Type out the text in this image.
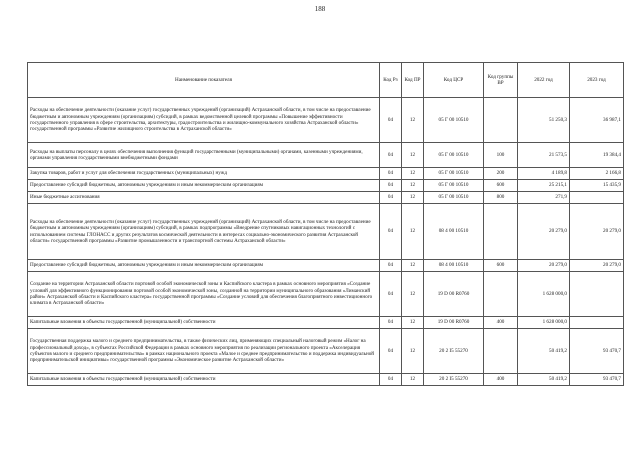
188
Наименование показателя	Код Рз	Код ПР	Код ЦСР	Код группы ВР	2022 год	2023 год
Расходы на обеспечение деятельности (оказание услуг) государственных учреждений (организаций) Астраханской области, в том числе на предоставление бюджетным и автономным учреждениям (организациям) субсидий, в рамках ведомственной целевой программы «Повышение эффективности государственного управления в сфере строительства, архитектуры, градостроительства и жилищно-коммунального хозяйства Астраханской области» государственной программы «Развитие жилищного строительства в Астраханской области»	04	12	05 Г 00 10510		51 250,3	36 987,1
Расходы на выплаты персоналу в целях обеспечения выполнения функций государственными (муниципальными) органами, казенными учреждениями, органами управления государственными внебюджетными фондами	04	12	05 Г 00 10510	100	21 573,5	19 384,4
Закупка товаров, работ и услуг для обеспечения государственных (муниципальных) нужд	04	12	05 Г 00 10510	200	4 189,8	2 166,8
Предоставление субсидий бюджетным, автономным учреждениям и иным некоммерческим организациям	04	12	05 Г 00 10510	600	25 215,1	15 435,9
Иные бюджетные ассигнования	04	12	05 Г 00 10510	800	271,9	
Расходы на обеспечение деятельности (оказание услуг) государственных учреждений (организаций) Астраханской области, в том числе на предоставление бюджетным и автономным учреждениям (организациям) субсидий, в рамках подпрограммы «Внедрение спутниковых навигационных технологий с использованием системы ГЛОНАСС и других результатов космической деятельности в интересах социально-экономического развития Астраханской области» государственной программы «Развитие промышленности и транспортной системы Астраханской области»	04	12	08 4 00 10510		20 279,0	20 279,0
Предоставление субсидий бюджетным, автономным учреждениям и иным некоммерческим организациям	04	12	08 4 00 10510	600	20 279,0	20 279,0
Создание на территории Астраханской области портовой особой экономической зоны и Каспийского кластера в рамках основного мероприятия «Создание условий для эффективного функционирования портовой особой экономической зоны, созданной на территории муниципального образования «Лиманский район» Астраханской области и Каспийского кластера» государственной программы «Создание условий для обеспечения благоприятного инвестиционного климата в Астраханской области»	04	12	19 D 00 R0760		1 628 000,0	
Капитальные вложения в объекты государственной (муниципальной) собственности	04	12	19 D 00 R0760	400	1 628 000,0	
Государственная поддержка малого и среднего предпринимательства, в также физических лиц, применяющих специальный налоговый режим «Налог на профессиональный доход», в субъектах Российской Федерации в рамках основного мероприятия по реализации регионального проекта «Акселерация субъектов малого и среднего предпринимательства» в рамках национального проекта «Малое и среднее предпринимательство и поддержка индивидуальной предпринимательской инициативы» государственной программы «Экономическое развитие Астраханской области»	04	12	20 2 I5 55270		50 419,2	93 470,7
Капитальные вложения в объекты государственной (муниципальной) собственности	04	12	20 2 I5 55270	400	50 419,2	93 470,7
